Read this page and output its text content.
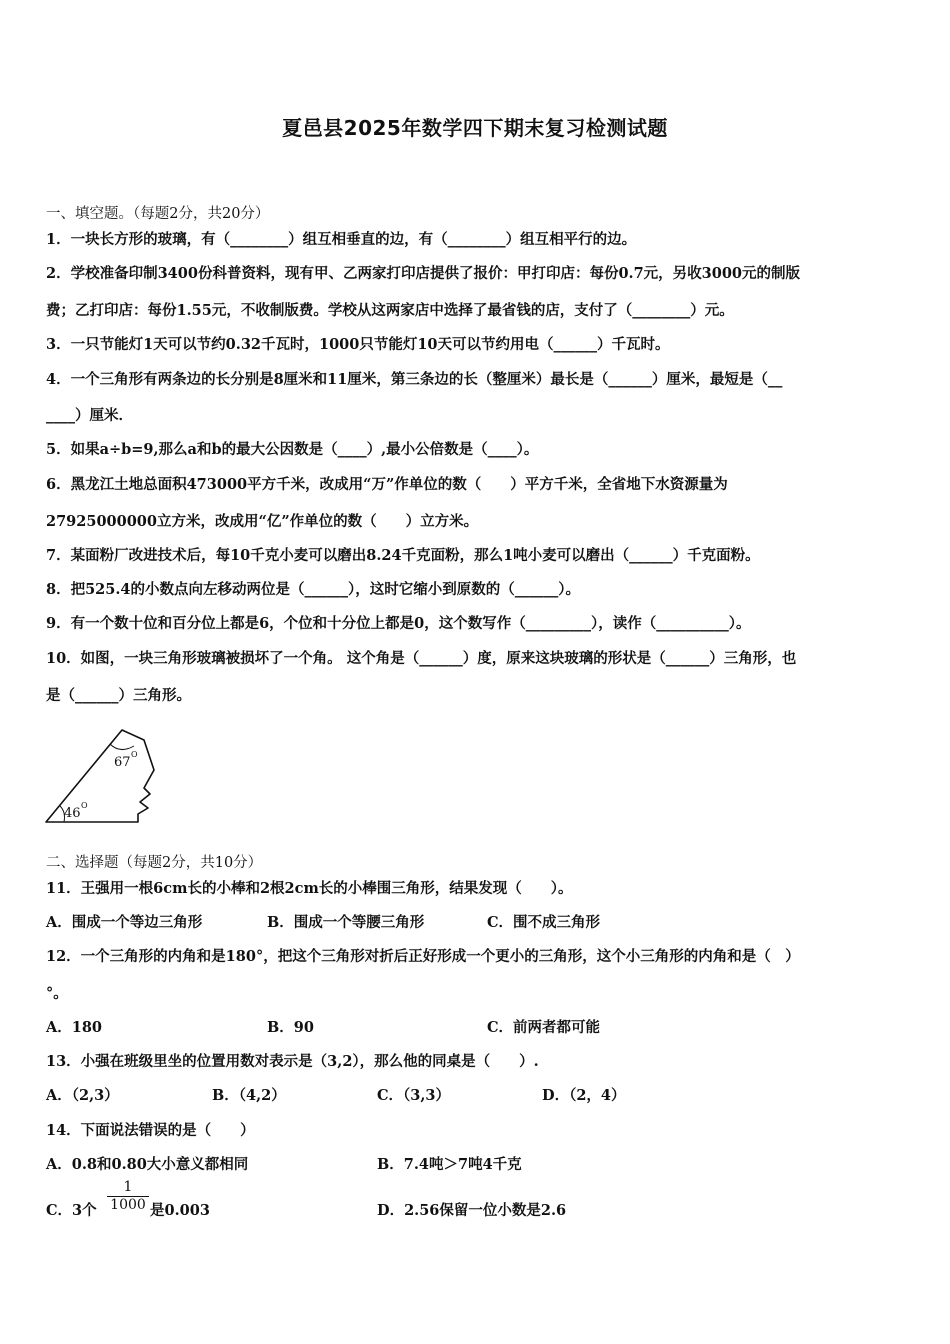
夏邑县2025年数学四下期末复习检测试题
一、填空题。（每题2分，共20分）
1．一块长方形的玻璃，有（________）组互相垂直的边，有（________）组互相平行的边。
2．学校准备印制3400份科普资料，现有甲、乙两家打印店提供了报价：甲打印店：每份0.7元，另收3000元的制版
费；乙打印店：每份1.55元，不收制版费。学校从这两家店中选择了最省钱的店，支付了（________）元。
3．一只节能灯1天可以节约0.32千瓦时，1000只节能灯10天可以节约用电（______）千瓦时。
4．一个三角形有两条边的长分别是8厘米和11厘米，第三条边的长（整厘米）最长是（______）厘米，最短是（__
____）厘米．
5．如果a÷b=9,那么a和b的最大公因数是（____）,最小公倍数是（____）。
6．黑龙江土地总面积473000平方千米，改成用“万”作单位的数（　　）平方千米，全省地下水资源量为
27925000000立方米，改成用“亿”作单位的数（　　）立方米。
7．某面粉厂改进技术后，每10千克小麦可以磨出8.24千克面粉，那么1吨小麦可以磨出（______）千克面粉。
8．把525.4的小数点向左移动两位是（______），这时它缩小到原数的（______）。
9．有一个数十位和百分位上都是6，个位和十分位上都是0，这个数写作（_________），读作（__________）。
10．如图，一块三角形玻璃被损坏了一个角。 这个角是（______）度，原来这块玻璃的形状是（______）三角形，也
是（______）三角形。
67
O
46
O
二、选择题（每题2分，共10分）
11．王强用一根6cm长的小棒和2根2cm长的小棒围三角形，结果发现（　　）。
A．围成一个等边三角形	B．围成一个等腰三角形	C．围不成三角形
12．一个三角形的内角和是180°，把这个三角形对折后正好形成一个更小的三角形，这个小三角形的内角和是（　）
°。
A．180	B．90	C．前两者都可能
13．小强在班级里坐的位置用数对表示是（3,2），那么他的同桌是（　　）.
A．（2,3）	B．（4,2）	C．（3,3）	D．（2，4）
14．下面说法错误的是（　　）
A．0.8和0.80大小意义都相同	B．7.4吨＞7吨4千克
C．3个
1
1000 是0.003	D．2.56保留一位小数是2.6
